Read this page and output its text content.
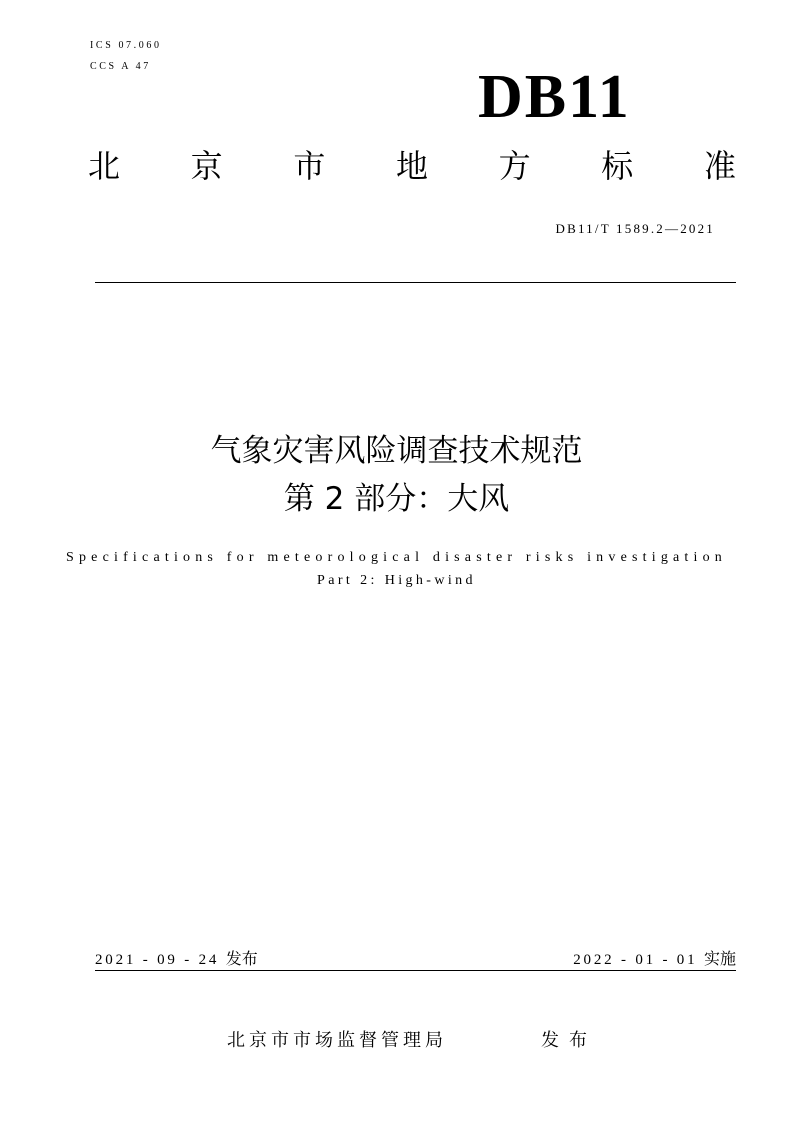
ICS 07.060
CCS A 47	DB11
北 京 市 地 方 标 准
DB11/T 1589.2—2021
气象灾害风险调查技术规范
第 2 部分：大风
Specifications for meteorological disaster risks investigation
Part 2: High-wind
2021 - 09 - 24 发布	2022 - 01 - 01 实施
北京市市场监督管理局	发布
